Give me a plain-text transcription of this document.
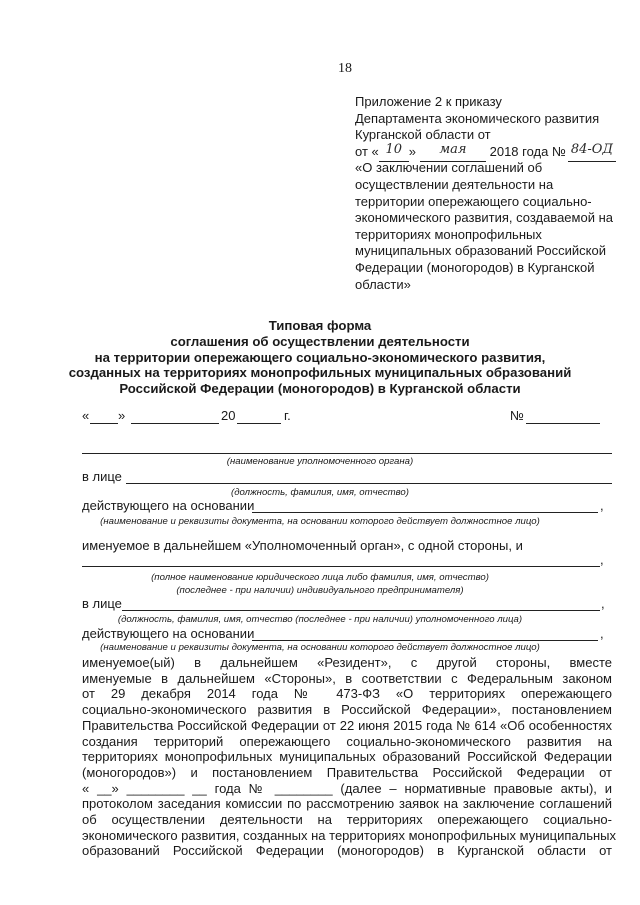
18
Приложение 2 к приказу
Департамента экономического развития
Курганской области от
от « 10 » мая 2018 года № 84-ОД
«О заключении соглашений об
осуществлении деятельности на
территории опережающего социально-
экономического развития, создаваемой на
территориях монопрофильных
муниципальных образований Российской
Федерации (моногородов) в Курганской
области»
Типовая форма
соглашения об осуществлении деятельности
на территории опережающего социально-экономического развития,
созданных на территориях монопрофильных муниципальных образований
Российской Федерации (моногородов) в Курганской области
« »	20	г.	№
(наименование уполномоченного органа)
в лице
(должность, фамилия, имя, отчество)
действующего на основании	,
(наименование и реквизиты документа, на основании которого действует должностное лицо)
именуемое в дальнейшем «Уполномоченный орган», с одной стороны, и
,
(полное наименование юридического лица либо фамилия, имя, отчество)
(последнее - при наличии) индивидуального предпринимателя)
в лице	,
(должность, фамилия, имя, отчество (последнее - при наличии) уполномоченного лица)
действующего на основании	,
(наименование и реквизиты документа, на основании которого действует должностное лицо)
именуемое(ый) в дальнейшем «Резидент», с другой стороны, вместе
именуемые в дальнейшем «Стороны», в соответствии с Федеральным законом
от 29 декабря 2014 года № 473-ФЗ «О территориях опережающего
социально-экономического развития в Российской Федерации», постановлением
Правительства Российской Федерации от 22 июня 2015 года № 614 «Об особенностях
создания территорий опережающего социально-экономического развития на
территориях монопрофильных муниципальных образований Российской Федерации
(моногородов») и постановлением Правительства Российской Федерации от
« __» ________ __ года № ________ (далее – нормативные правовые акты), и
протоколом заседания комиссии по рассмотрению заявок на заключение соглашений
об осуществлении деятельности на территориях опережающего социально-
экономического развития, созданных на территориях монопрофильных муниципальных
образований Российской Федерации (моногородов) в Курганской области от
